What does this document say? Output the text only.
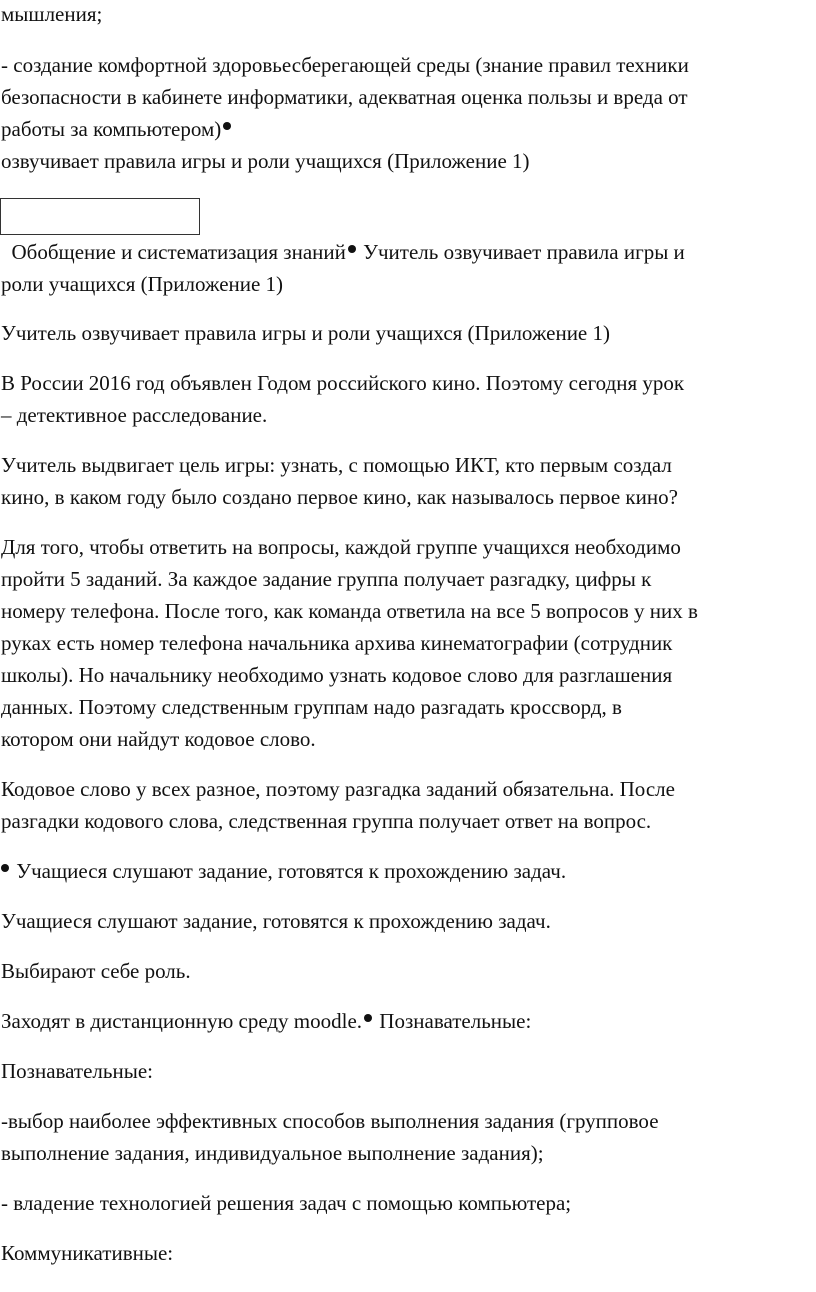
мышления;
- создание комфортной здоровьесберегающей среды (знание правил техники
безопасности в кабинете информатики, адекватная оценка пользы и вреда от
работы за компьютером)
озвучивает правила игры и роли учащихся (Приложение 1)
Обобщение и систематизация знаний Учитель озвучивает правила игры и
роли учащихся (Приложение 1)
Учитель озвучивает правила игры и роли учащихся (Приложение 1)
В России 2016 год объявлен Годом российского кино. Поэтому сегодня урок
– детективное расследование.
Учитель выдвигает цель игры: узнать, с помощью ИКТ, кто первым создал
кино, в каком году было создано первое кино, как называлось первое кино?
Для того, чтобы ответить на вопросы, каждой группе учащихся необходимо
пройти 5 заданий. За каждое задание группа получает разгадку, цифры к
номеру телефона. После того, как команда ответила на все 5 вопросов у них в
руках есть номер телефона начальника архива кинематографии (сотрудник
школы). Но начальнику необходимо узнать кодовое слово для разглашения
данных. Поэтому следственным группам надо разгадать кроссворд, в
котором они найдут кодовое слово.
Кодовое слово у всех разное, поэтому разгадка заданий обязательна. После
разгадки кодового слова, следственная группа получает ответ на вопрос.
Учащиеся слушают задание, готовятся к прохождению задач.
Учащиеся слушают задание, готовятся к прохождению задач.
Выбирают себе роль.
Заходят в дистанционную среду moodle. Познавательные:
Познавательные:
-выбор наиболее эффективных способов выполнения задания (групповое
выполнение задания, индивидуальное выполнение задания);
- владение технологией решения задач с помощью компьютера;
Коммуникативные:
